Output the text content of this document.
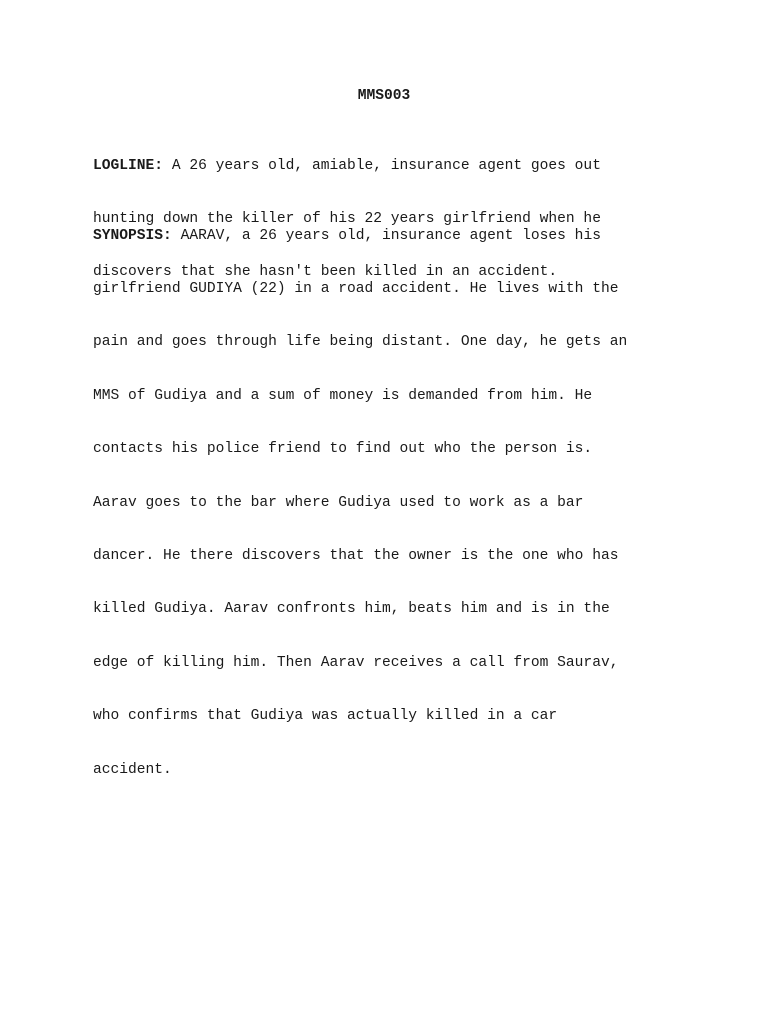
MMS003

LOGLINE: A 26 years old, amiable, insurance agent goes out

hunting down the killer of his 22 years girlfriend when he

discovers that she hasn't been killed in an accident.

SYNOPSIS: AARAV, a 26 years old, insurance agent loses his

girlfriend GUDIYA (22) in a road accident. He lives with the

pain and goes through life being distant. One day, he gets an

MMS of Gudiya and a sum of money is demanded from him. He

contacts his police friend to find out who the person is.

Aarav goes to the bar where Gudiya used to work as a bar

dancer. He there discovers that the owner is the one who has

killed Gudiya. Aarav confronts him, beats him and is in the

edge of killing him. Then Aarav receives a call from Saurav,

who confirms that Gudiya was actually killed in a car

accident.
